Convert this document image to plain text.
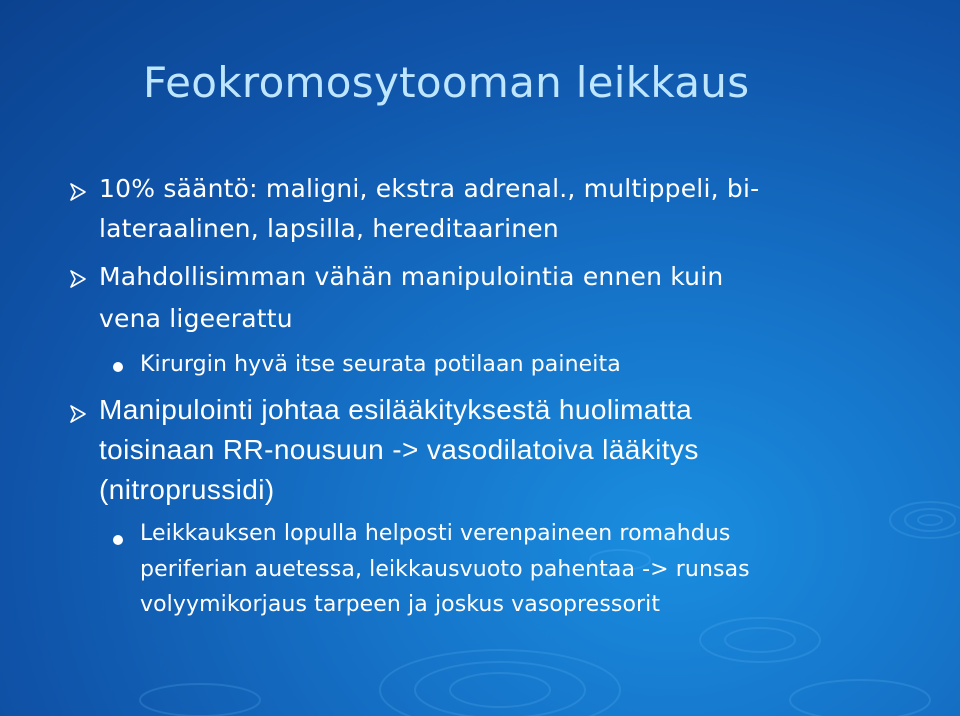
Feokromosytooman leikkaus

10% sääntö: maligni, ekstra adrenal., multippeli, bi-

lateraalinen, lapsilla, hereditaarinen

Mahdollisimman vähän manipulointia ennen kuin

vena ligeerattu

Kirurgin hyvä itse seurata potilaan paineita

Manipulointi johtaa esilääkityksestä huolimatta

toisinaan RR-nousuun -> vasodilatoiva lääkitys

(nitroprussidi)

Leikkauksen lopulla helposti verenpaineen romahdus

periferian auetessa, leikkausvuoto pahentaa -> runsas

volyymikorjaus tarpeen ja joskus vasopressorit
